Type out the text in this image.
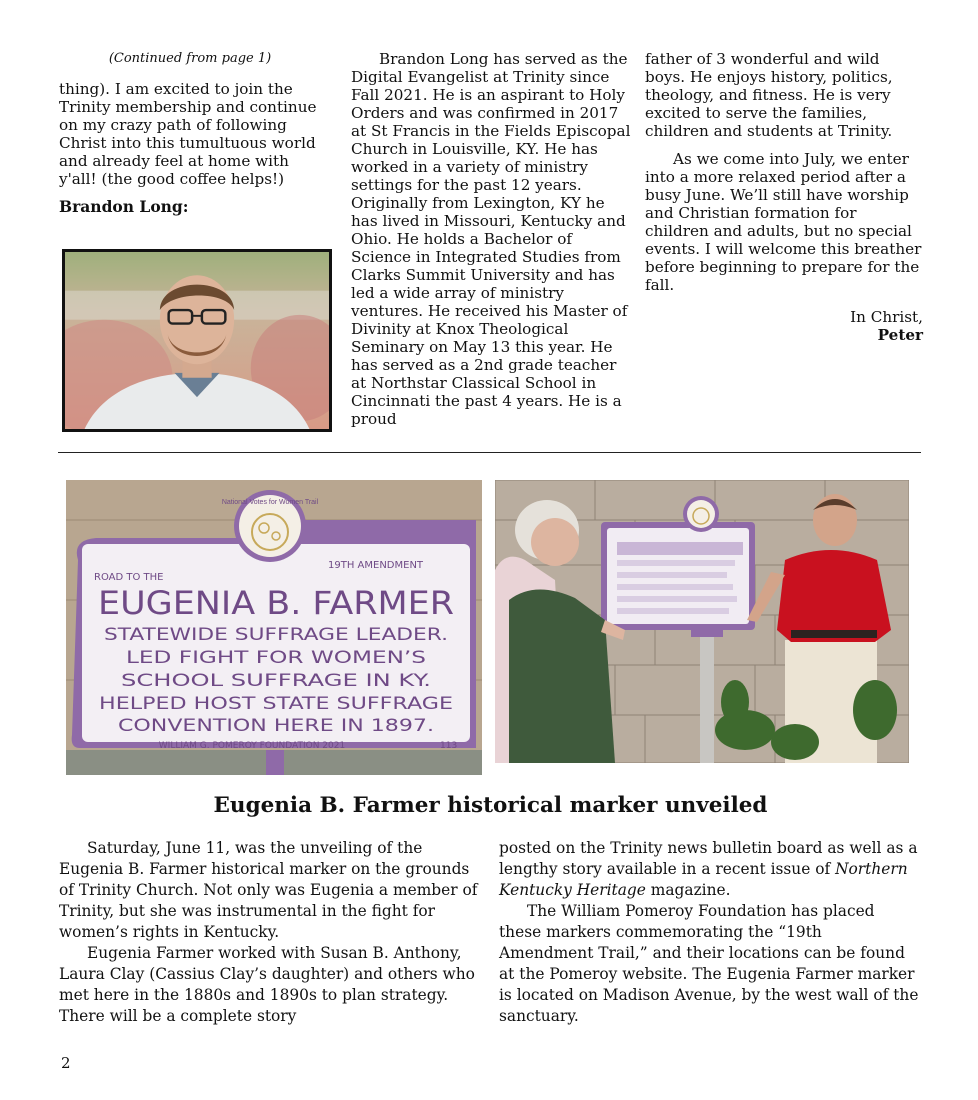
(Continued from page 1)

thing). I am excited to join the Trinity membership and continue on my crazy path of following Christ into this tumultuous world and already feel at home with y'all! (the good coffee helps!)

Brandon Long:

Brandon Long has served as the Digital Evangelist at Trinity since Fall 2021. He is an aspirant to Holy Orders and was confirmed in 2017 at St Francis in the Fields Episcopal Church in Louisville, KY. He has worked in a variety of ministry settings for the past 12 years. Originally from Lexington, KY he has lived in Missouri, Kentucky and Ohio. He holds a Bachelor of Science in Integrated Studies from Clarks Summit University and has led a wide array of ministry ventures. He received his Master of Divinity at Knox Theological Seminary on May 13 this year. He has served as a 2nd grade teacher at Northstar Classical School in Cincinnati the past 4 years. He is a proud

father of 3 wonderful and wild boys. He enjoys history, politics, theology, and fitness. He is very excited to serve the families, children and students at Trinity.

As we come into July, we enter into a more relaxed period after a busy June. We’ll still have worship and Christian formation for children and adults, but no special events. I will welcome this breather before beginning to prepare for the fall.

In Christ,

Peter

National Votes for Women Trail
ROAD TO THE
19TH AMENDMENT
EUGENIA B. FARMER
STATEWIDE SUFFRAGE LEADER.
LED FIGHT FOR WOMEN’S
SCHOOL SUFFRAGE IN KY.
HELPED HOST STATE SUFFRAGE
CONVENTION HERE IN 1897.
WILLIAM G. POMEROY FOUNDATION 2021	113
Eugenia B. Farmer historical marker unveiled

Saturday, June 11, was the unveiling of the Eugenia B. Farmer historical marker on the grounds of Trinity Church. Not only was Eugenia a member of Trinity, but she was instrumental in the fight for women’s rights in Kentucky.

Eugenia Farmer worked with Susan B. Anthony, Laura Clay (Cassius Clay’s daughter) and others who met here in the 1880s and 1890s to plan strategy. There will be a complete story

posted on the Trinity news bulletin board as well as a lengthy story available in a recent issue of Northern Kentucky Heritage magazine.

The William Pomeroy Foundation has placed these markers commemorating the “19th Amendment Trail,” and their locations can be found at the Pomeroy website. The Eugenia Farmer marker is located on Madison Avenue, by the west wall of the sanctuary.

2
